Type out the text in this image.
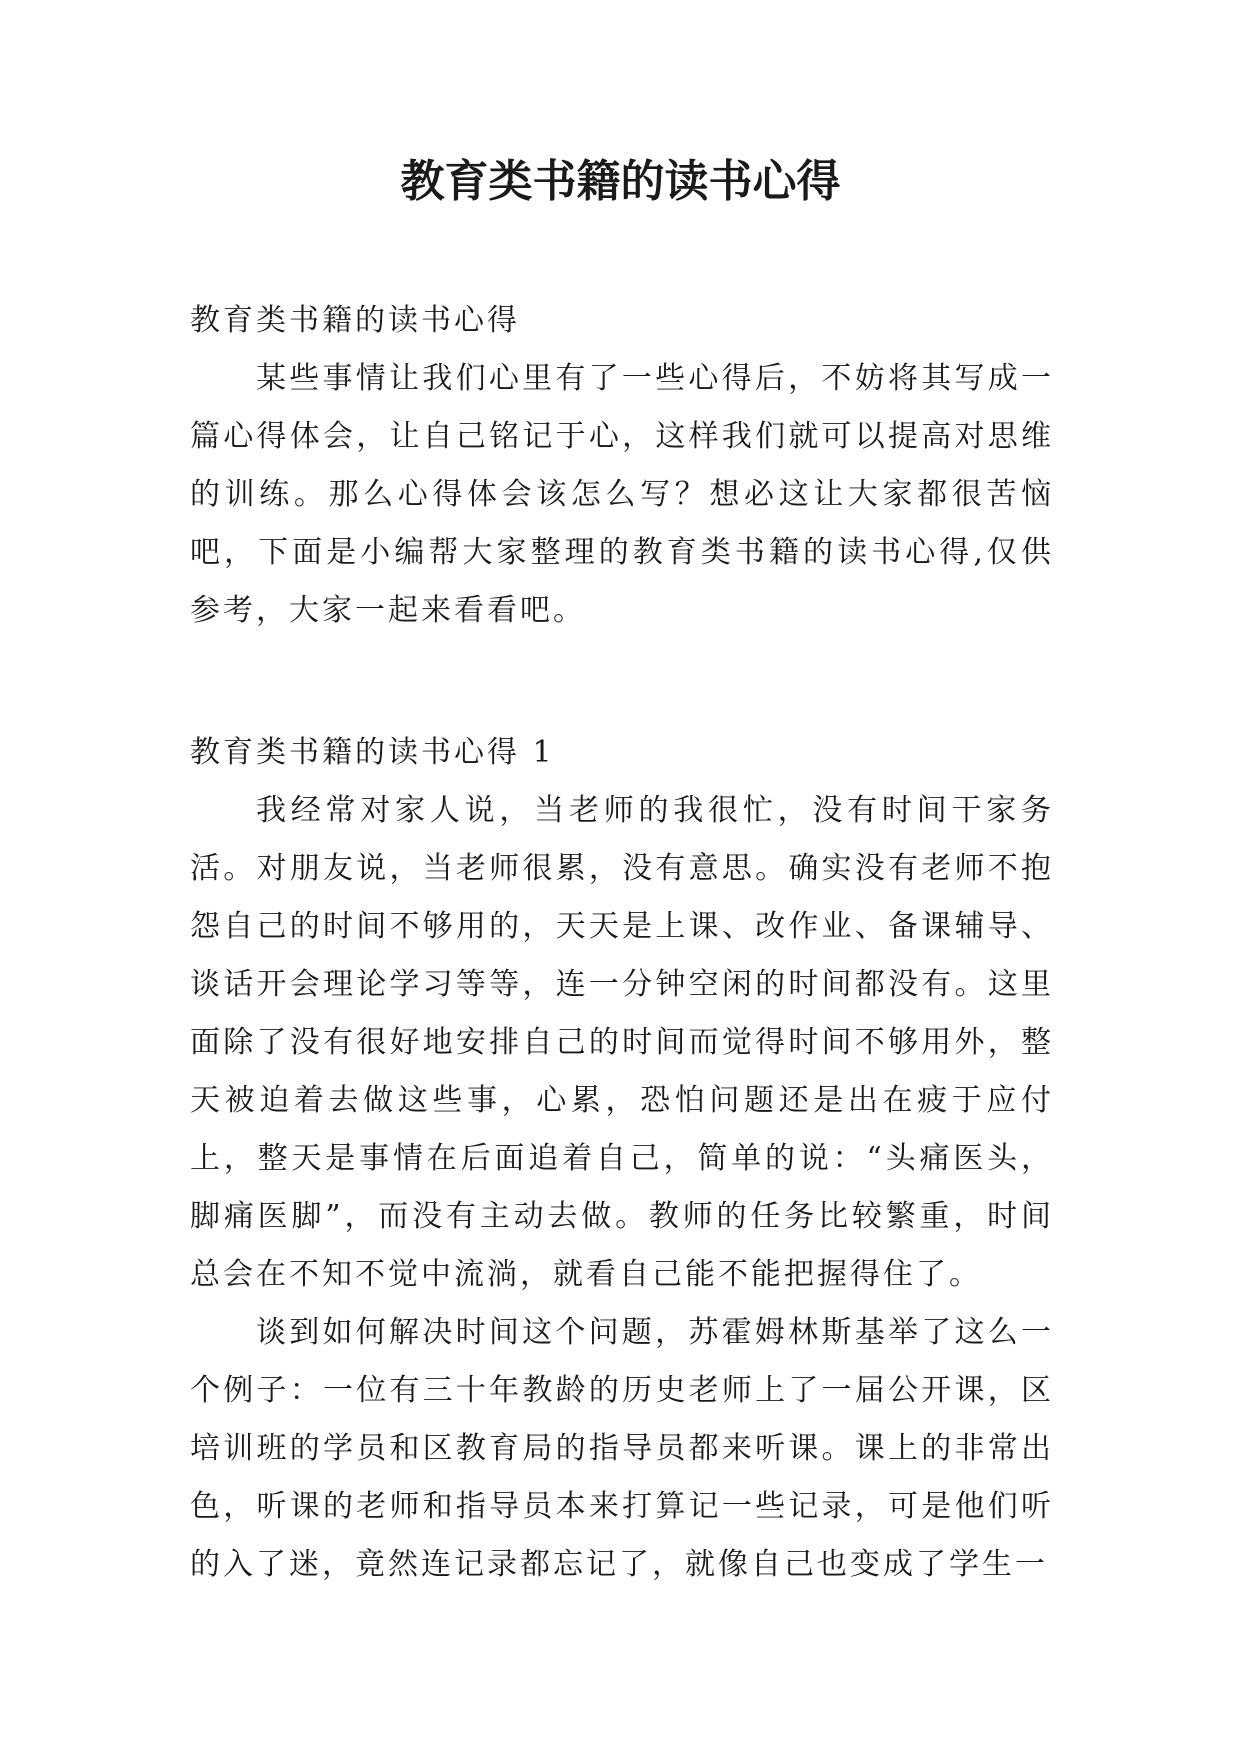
教育类书籍的读书心得
教育类书籍的读书心得

某些事情让我们心里有了一些心得后，不妨将其写成一篇心得体会，让自己铭记于心，这样我们就可以提高对思维的训练。那么心得体会该怎么写？想必这让大家都很苦恼吧，下面是小编帮大家整理的教育类书籍的读书心得,仅供参考，大家一起来看看吧。

教育类书籍的读书心得 1

我经常对家人说，当老师的我很忙，没有时间干家务活。对朋友说，当老师很累，没有意思。确实没有老师不抱怨自己的时间不够用的，天天是上课、改作业、备课辅导、谈话开会理论学习等等，连一分钟空闲的时间都没有。这里面除了没有很好地安排自己的时间而觉得时间不够用外，整天被迫着去做这些事，心累，恐怕问题还是出在疲于应付上，整天是事情在后面追着自己，简单的说：“头痛医头，脚痛医脚”，而没有主动去做。教师的任务比较繁重，时间总会在不知不觉中流淌，就看自己能不能把握得住了。

谈到如何解决时间这个问题，苏霍姆林斯基举了这么一个例子：一位有三十年教龄的历史老师上了一届公开课，区培训班的学员和区教育局的指导员都来听课。课上的非常出色，听课的老师和指导员本来打算记一些记录，可是他们听的入了迷，竟然连记录都忘记了，就像自己也变成了学生一
